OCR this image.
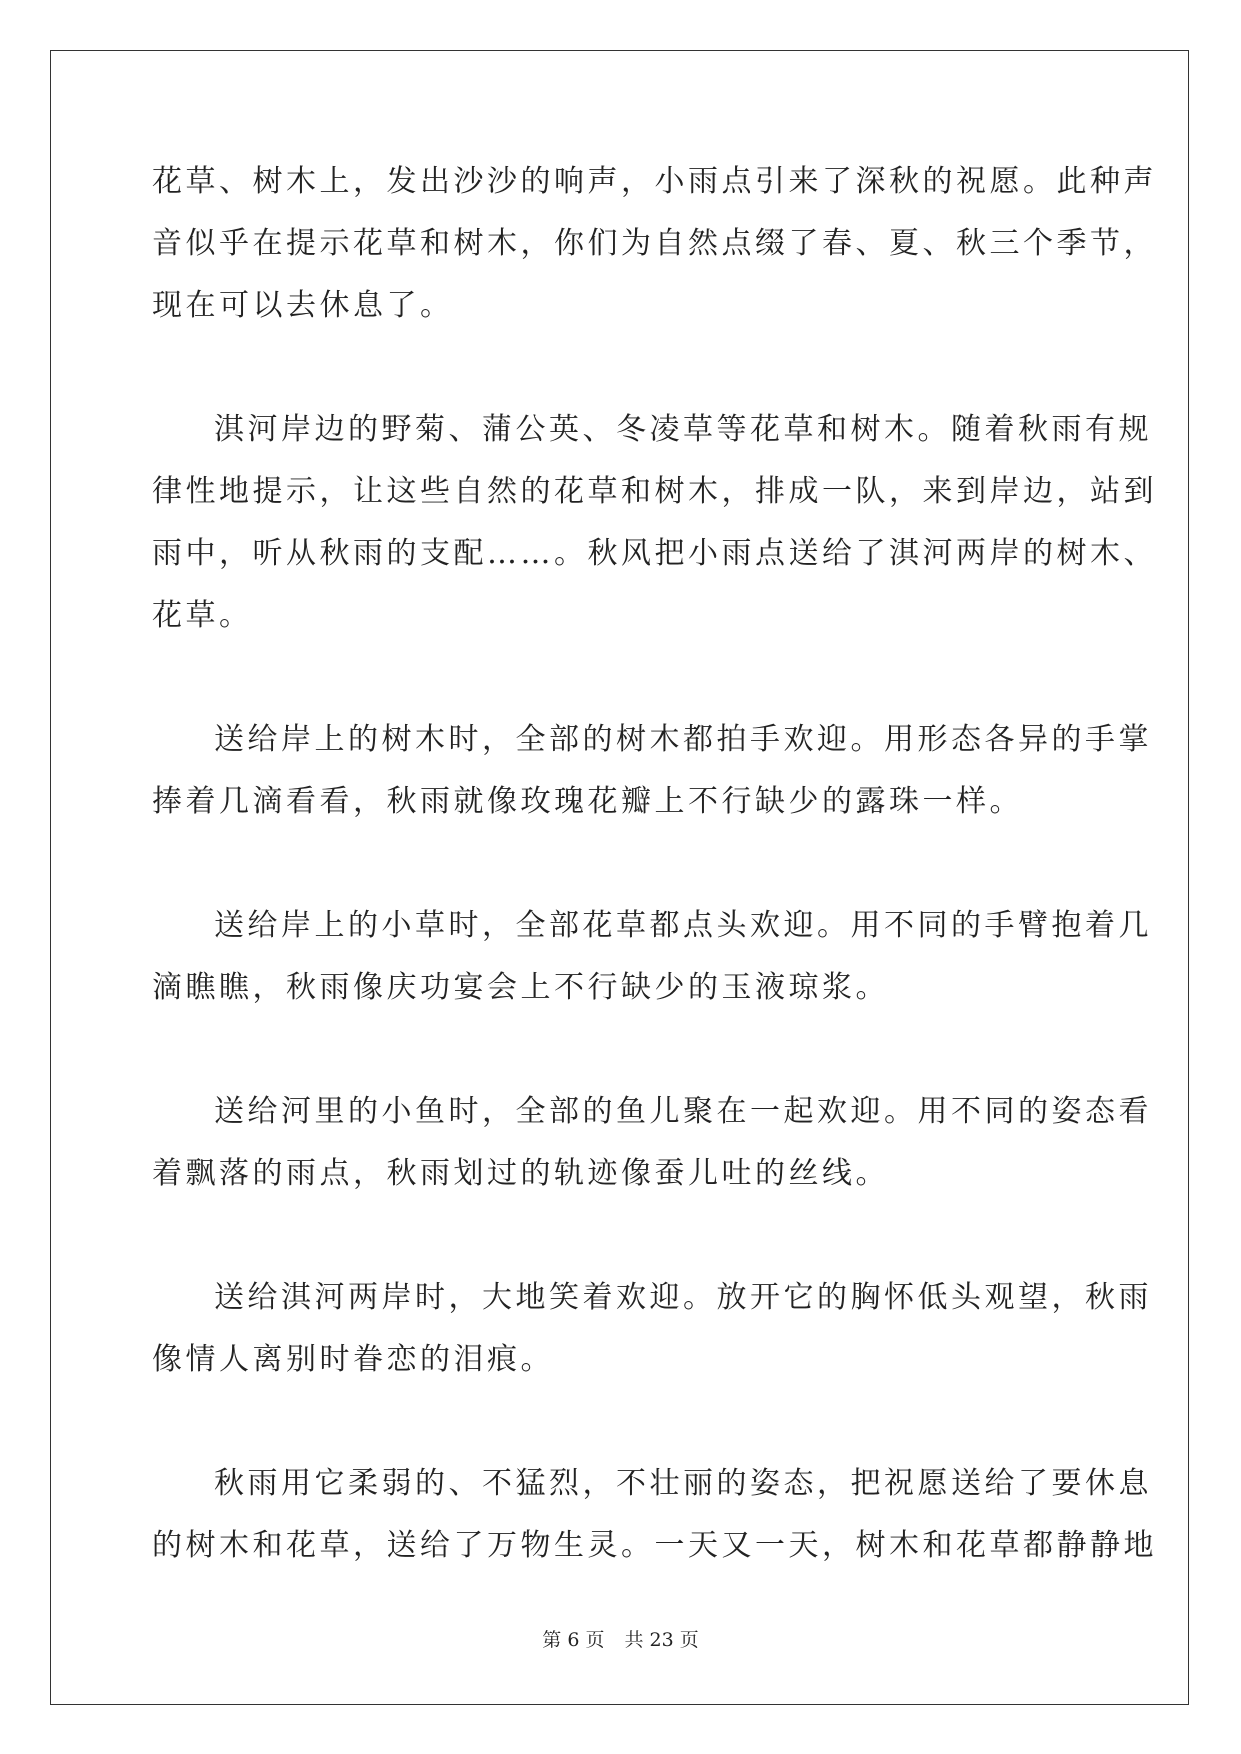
花草、树木上，发出沙沙的响声，小雨点引来了深秋的祝愿。此种声
音似乎在提示花草和树木，你们为自然点缀了春、夏、秋三个季节，
现在可以去休息了。
淇河岸边的野菊、蒲公英、冬凌草等花草和树木。随着秋雨有规
律性地提示，让这些自然的花草和树木，排成一队，来到岸边，站到
雨中，听从秋雨的支配……。秋风把小雨点送给了淇河两岸的树木、
花草。
送给岸上的树木时，全部的树木都拍手欢迎。用形态各异的手掌
捧着几滴看看，秋雨就像玫瑰花瓣上不行缺少的露珠一样。
送给岸上的小草时，全部花草都点头欢迎。用不同的手臂抱着几
滴瞧瞧，秋雨像庆功宴会上不行缺少的玉液琼浆。
送给河里的小鱼时，全部的鱼儿聚在一起欢迎。用不同的姿态看
着飘落的雨点，秋雨划过的轨迹像蚕儿吐的丝线。
送给淇河两岸时，大地笑着欢迎。放开它的胸怀低头观望，秋雨
像情人离别时眷恋的泪痕。
秋雨用它柔弱的、不猛烈，不壮丽的姿态，把祝愿送给了要休息
的树木和花草，送给了万物生灵。一天又一天，树木和花草都静静地
第 6 页 共 23 页
